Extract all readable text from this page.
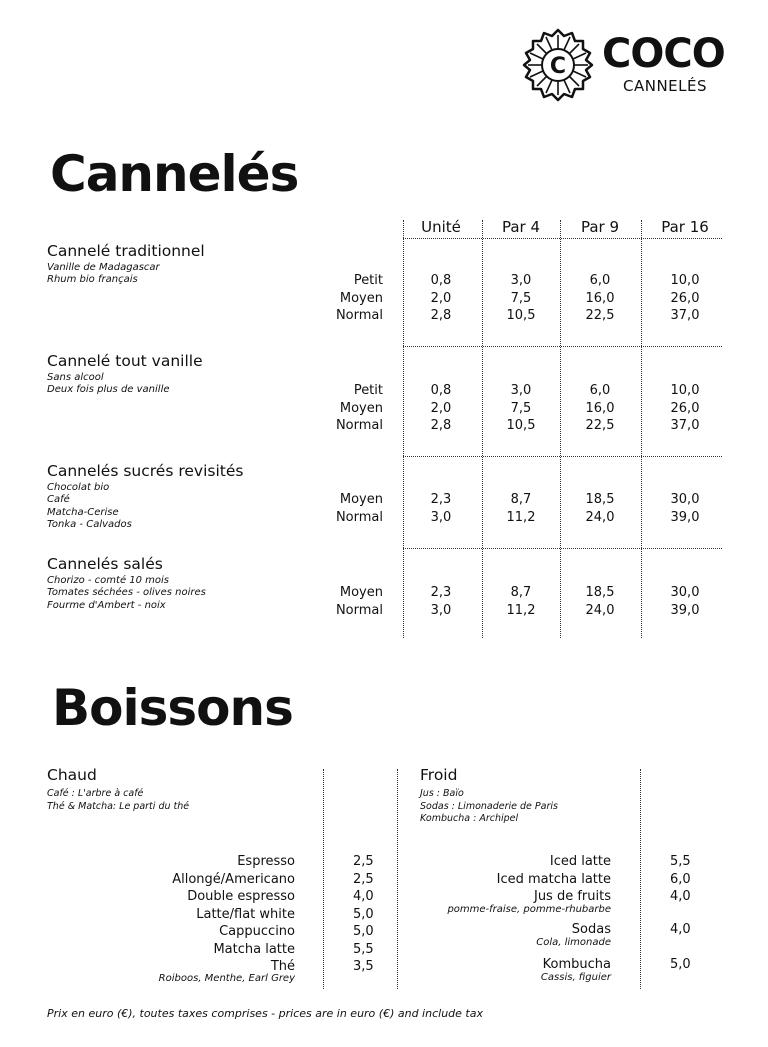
C COCO
CANNELÉS
Cannelés
Unité	Par 4	Par 9	Par 16
Cannelé traditionnel
Vanille de Madagascar
Rhum bio français	Petit	0,8	3,0	6,0	10,0
Moyen	2,0	7,5	16,0	26,0
Normal	2,8	10,5	22,5	37,0
Cannelé tout vanille
Sans alcool
Deux fois plus de vanille	Petit	0,8	3,0	6,0	10,0
Moyen	2,0	7,5	16,0	26,0
Normal	2,8	10,5	22,5	37,0
Cannelés sucrés revisités
Chocolat bio
Café
Matcha-Cerise
Tonka - Calvados
Moyen	2,3	8,7	18,5	30,0
Normal	3,0	11,2	24,0	39,0
Cannelés salés
Chorizo - comté 10 mois
Tomates séchées - olives noires
Fourme d'Ambert - noix
Moyen	2,3	8,7	18,5	30,0
Normal	3,0	11,2	24,0	39,0
Boissons
Chaud	Froid
Café : L'arbre à café
Thé & Matcha: Le parti du thé
Jus : Baïo
Sodas : Limonaderie de Paris
Kombucha : Archipel
Espresso	2,5
Allongé/Americano	2,5
Double espresso	4,0
Latte/flat white	5,0
Cappuccino	5,0
Matcha latte	5,5
Thé	3,5
Roiboos, Menthe, Earl Grey
Iced latte	5,5
Iced matcha latte	6,0
Jus de fruits	4,0
pomme-fraise, pomme-rhubarbe
Sodas	4,0
Cola, limonade
Kombucha	5,0
Cassis, figuier
Prix en euro (€), toutes taxes comprises - prices are in euro (€) and include tax
